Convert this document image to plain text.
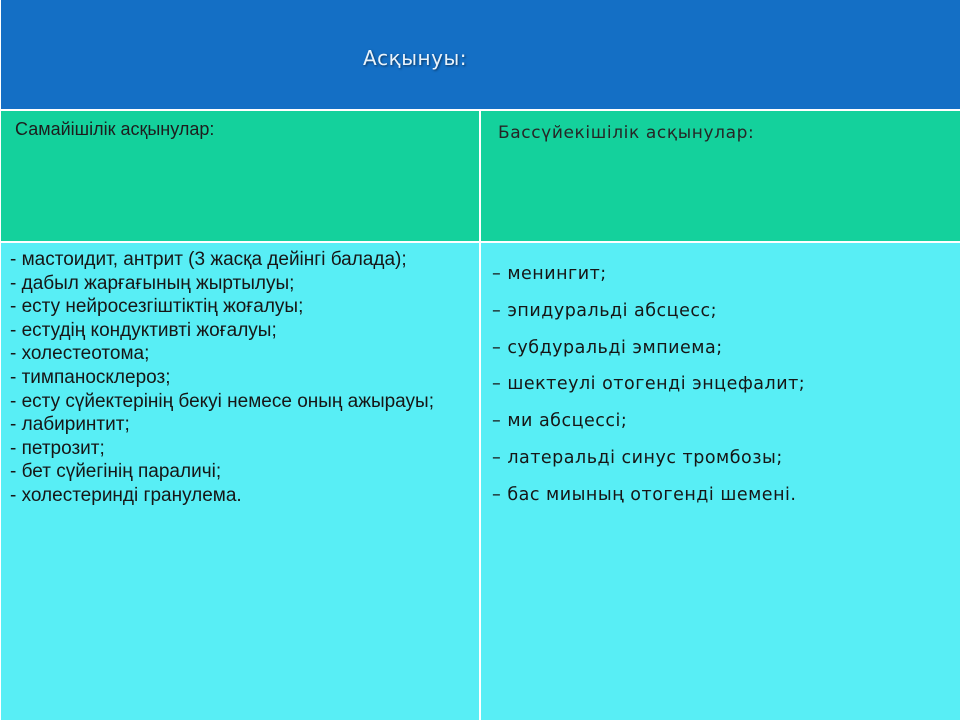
Асқынуы:
Самайішілік асқынулар:	Бассүйекішілік асқынулар:
- мастоидит, антрит (3 жасқа дейінгі балада);
- дабыл жарғағының жыртылуы;
- есту нейросезгіштіктің жоғалуы;
- естудің кондуктивті жоғалуы;
- холестеотома;
- тимпаносклероз;
- есту сүйектерінің бекуі немесе оның ажырауы;
- лабиринтит;
- петрозит;
- бет сүйегінің параличі;
- холестеринді гранулема.
– менингит;
– эпидуральді абсцесс;
– субдуральді эмпиема;
– шектеулі отогенді энцефалит;
– ми абсцессі;
– латеральді синус тромбозы;
– бас миының отогенді шемені.
